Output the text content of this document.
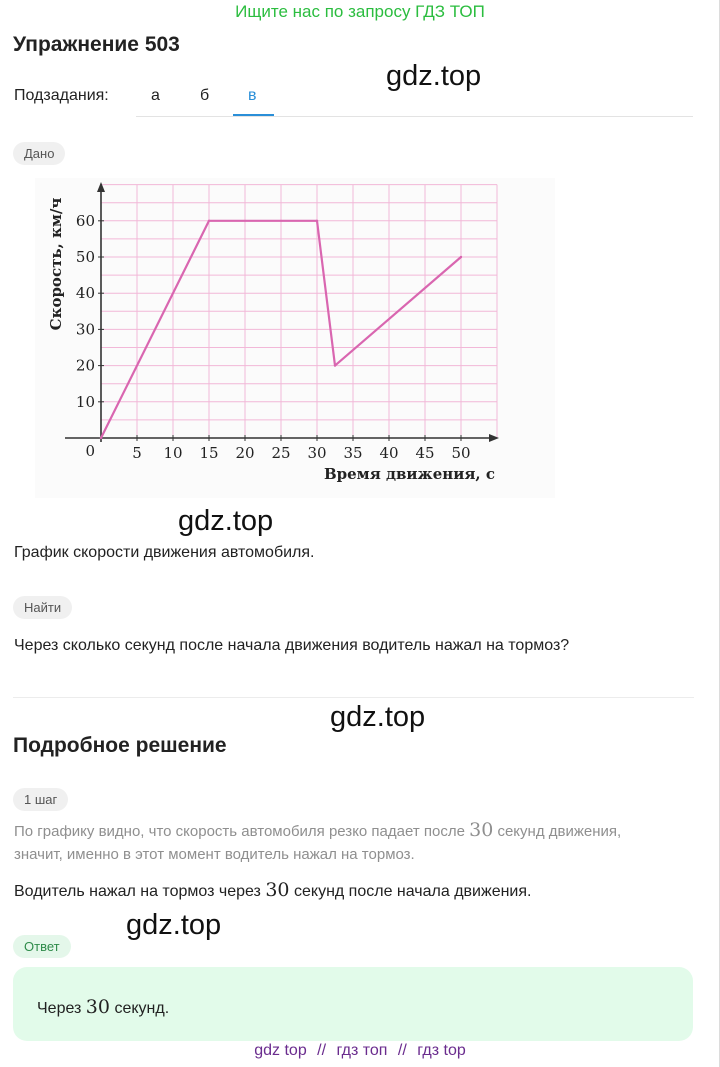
Ищите нас по запросу ГДЗ ТОП
Упражнение 503
gdz.top
Подзадания:	а	б в
Дано
5 10 15 20 25 30 35 40 45 50
10
20
30
40
50
60
0
Скорость, км/ч
Время движения, с
gdz.top
График скорости движения автомобиля.
Найти
Через сколько секунд после начала движения водитель нажал на тормоз?
gdz.top
Подробное решение
1 шаг
По графику видно, что скорость автомобиля резко падает после 30 секунд движения,
значит, именно в этот момент водитель нажал на тормоз.
Водитель нажал на тормоз через 30 секунд после начала движения.
gdz.top
Ответ
Через 30 секунд.
gdz top // гдз топ // гдз top
